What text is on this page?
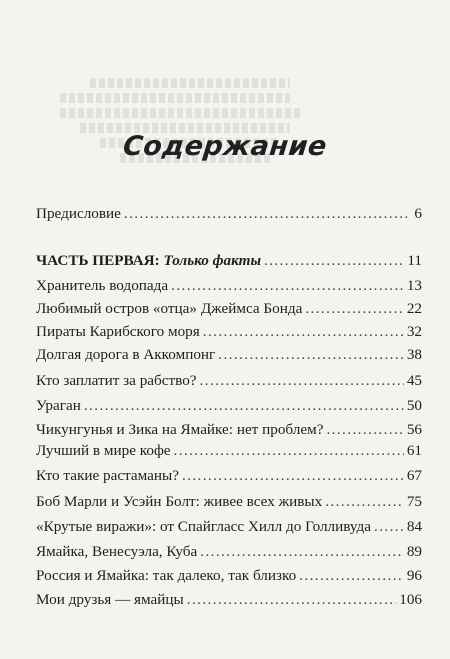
Содержание
Предисловие . . .	6
ЧАСТЬ ПЕРВАЯ: Только факты . . .	11
Хранитель водопада . . .	13
Любимый остров «отца» Джеймса Бонда . . .	22
Пираты Карибского моря . . .	32
Долгая дорога в Аккомпонг . . .	38
Кто заплатит за рабство? . . .	45
Ураган . . .	50
Чикунгунья и Зика на Ямайке: нет проблем? . . .	56
Лучший в мире кофе . . .	61
Кто такие растаманы? . . .	67
Боб Марли и Усэйн Болт: живее всех живых . . .	75
«Крутые виражи»: от Спайгласс Хилл до Голливуда . . . 84
Ямайка, Венесуэла, Куба . . .	89
Россия и Ямайка: так далеко, так близко . . .	96
Мои друзья — ямайцы . . .	106
